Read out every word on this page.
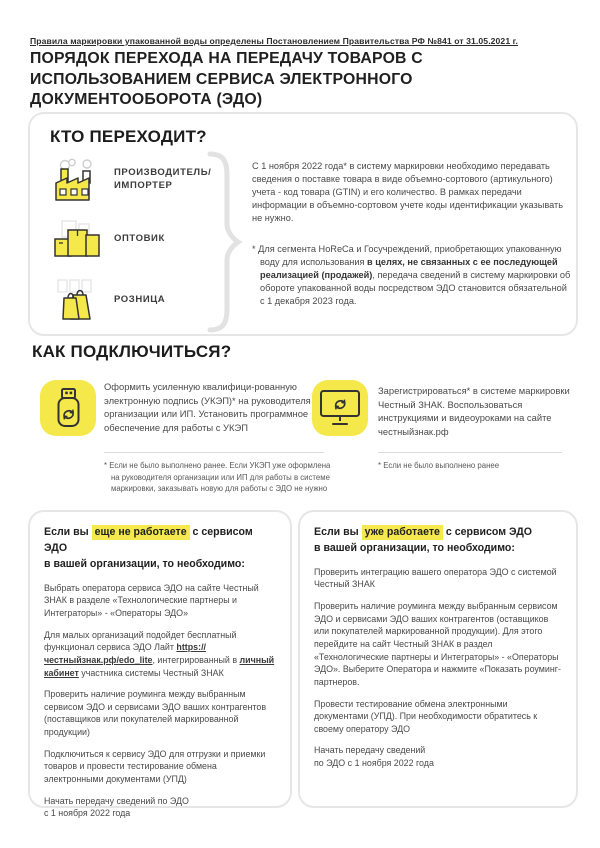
Правила маркировки упакованной воды определены Постановлением Правительства РФ №841 от 31.05.2021 г.
ПОРЯДОК ПЕРЕХОДА НА ПЕРЕДАЧУ ТОВАРОВ С ИСПОЛЬЗОВАНИЕМ СЕРВИСА ЭЛЕКТРОННОГО ДОКУМЕНТООБОРОТА (ЭДО)
КТО ПЕРЕХОДИТ?
ПРОИЗВОДИТЕЛЬ/ИМПОРТЕР
ОПТОВИК
РОЗНИЦА

С 1 ноября 2022 года* в систему маркировки необходимо передавать сведения о поставке товара в виде объемно-сортового (артикульного) учета - код товара (GTIN) и его количество. В рамках передачи информации в объемно-сортовом учете коды идентификации указывать не нужно.

* Для сегмента HoReCa и Госучреждений, приобретающих упакованную воду для использования в целях, не связанных с ее последующей реализацией (продажей), передача сведений в систему маркировки об обороте упакованной воды посредством ЭДО становится обязательной с 1 декабря 2023 года.

КАК ПОДКЛЮЧИТЬСЯ?

Оформить усиленную квалифици-рованную электронную подпись (УКЭП)* на руководителя организации или ИП. Установить программное обеспечение для работы с УКЭП

* Если не было выполнено ранее. Если УКЭП уже оформлена на руководителя организации или ИП для работы в системе маркировки, заказывать новую для работы с ЭДО не нужно

Зарегистрироваться* в системе маркировки Честный ЗНАК. Воспользоваться инструкциями и видеоуроками на сайте честныйзнак.рф

* Если не было выполнено ранее

Если вы еще не работаете с сервисом ЭДО
в вашей организации, то необходимо:

Выбрать оператора сервиса ЭДО на сайте Честный ЗНАК в разделе «Технологические партнеры и Интеграторы» - «Операторы ЭДО»

Для малых организаций подойдет бесплатный функционал сервиса ЭДО Лайт https://честныйзнак.рф/edo_lite, интегрированный в личный кабинет участника системы Честный ЗНАК

Проверить наличие роуминга между выбранным сервисом ЭДО и сервисами ЭДО ваших контрагентов (поставщиков или покупателей маркированной продукции)

Подключиться к сервису ЭДО для отгрузки и приемки товаров и провести тестирование обмена электронными документами (УПД)

Начать передачу сведений по ЭДО
с 1 ноября 2022 года

Если вы уже работаете с сервисом ЭДО
в вашей организации, то необходимо:

Проверить интеграцию вашего оператора ЭДО с системой Честный ЗНАК

Проверить наличие роуминга между выбранным сервисом ЭДО и сервисами ЭДО ваших контрагентов (оставщиков или покупателей маркированной продукции). Для этого перейдите на сайт Честный ЗНАК в раздел «Технологические партнеры и Интеграторы» - «Операторы ЭДО». Выберите Оператора и нажмите «Показать роуминг-партнеров.

Провести тестирование обмена электронными документами (УПД). При необходимости обратитесь к своему оператору ЭДО

Начать передачу сведений
по ЭДО с 1 ноября 2022 года
